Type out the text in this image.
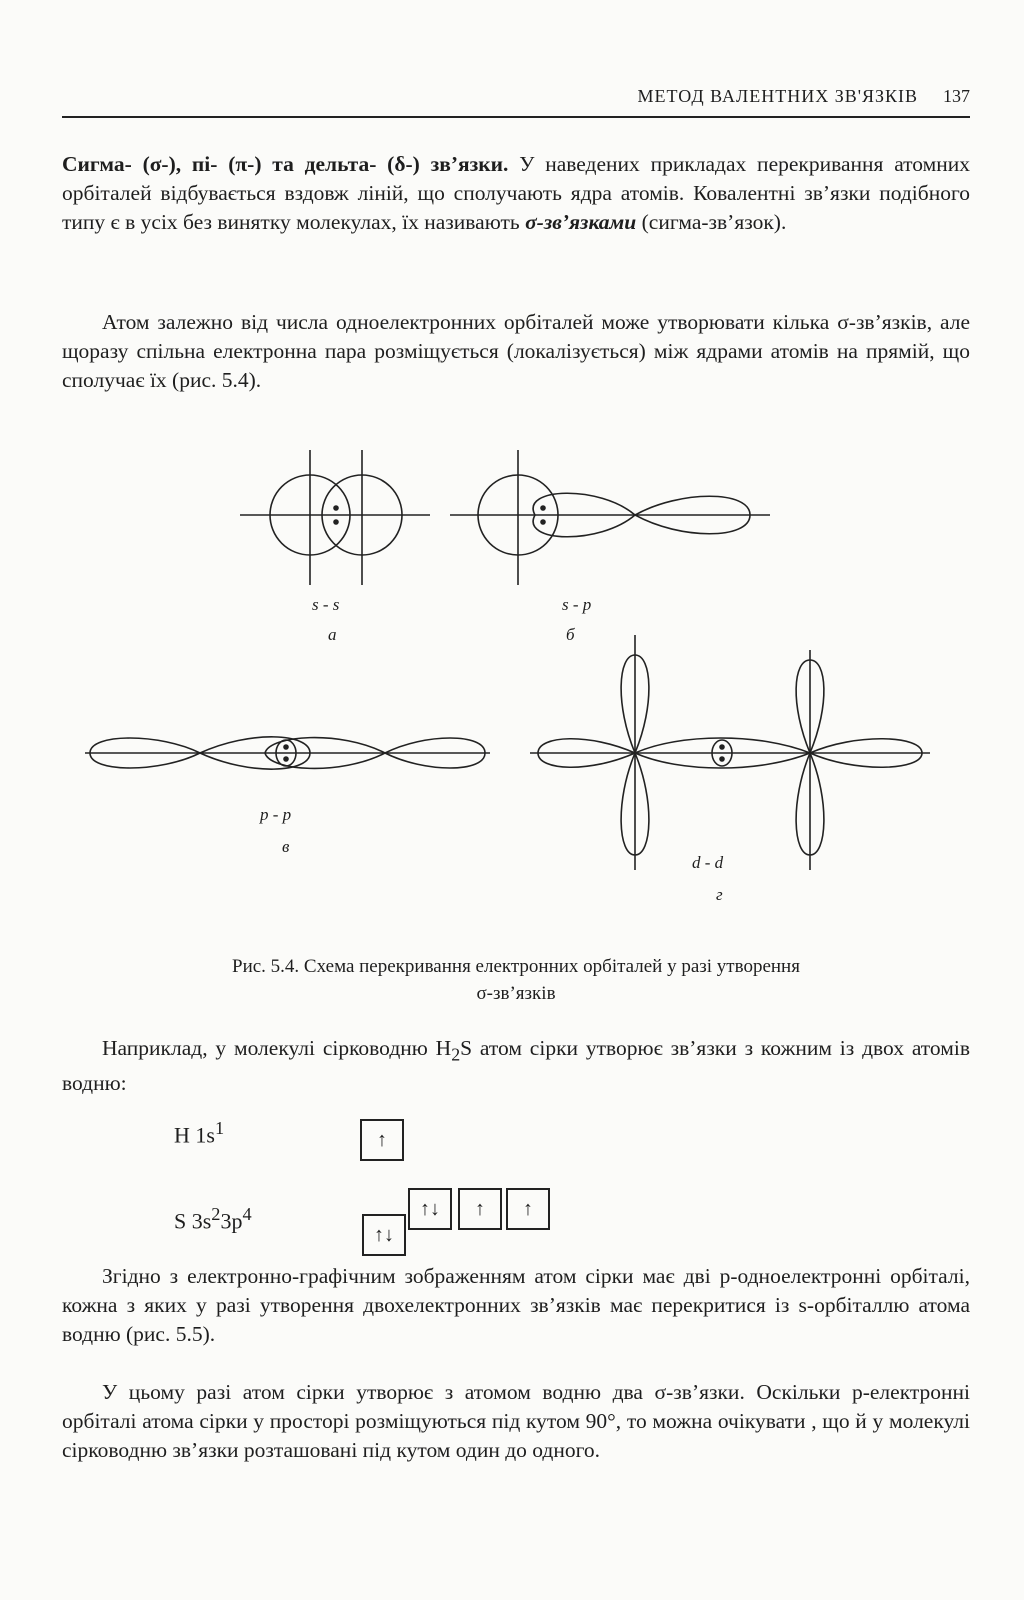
МЕТОД ВАЛЕНТНИХ ЗВ'ЯЗКІВ 137
Сигма- (σ-), пі- (π-) та дельта- (δ-) зв’язки. У наведених прикладах перекривання атомних орбіталей відбувається вздовж ліній, що сполучають ядра атомів. Ковалентні зв’язки подібного типу є в усіх без винятку молекулах, їх називають σ-зв’язками (сигма-зв’язок).
Атом залежно від числа одноелектронних орбіталей може утворювати кілька σ-зв’язків, але щоразу спільна електронна пара розміщується (локалізується) між ядрами атомів на прямій, що сполучає їх (рис. 5.4).
s - s
а
s - p
б
p - p
в
d - d
г
Рис. 5.4. Схема перекривання електронних орбіталей у разі утворення
σ-зв’язків
Наприклад, у молекулі сірководню $H_2S$ атом сірки утворює зв’язки з кожним із двох атомів водню:
H $1s^1$
↑
S $3s^23p^4$
↑↓
↑↓	↑	↑
Згідно з електронно-графічним зображенням атом сірки має дві p-одноелектронні орбіталі, кожна з яких у разі утворення двохелектронних зв’язків має перекритися із s-орбіталлю атома водню (рис. 5.5).
У цьому разі атом сірки утворює з атомом водню два σ-зв’язки. Оскільки p-електронні орбіталі атома сірки у просторі розміщуються під кутом 90°, то можна очікувати , що й у молекулі сірководню зв’язки розташовані під кутом один до одного.
